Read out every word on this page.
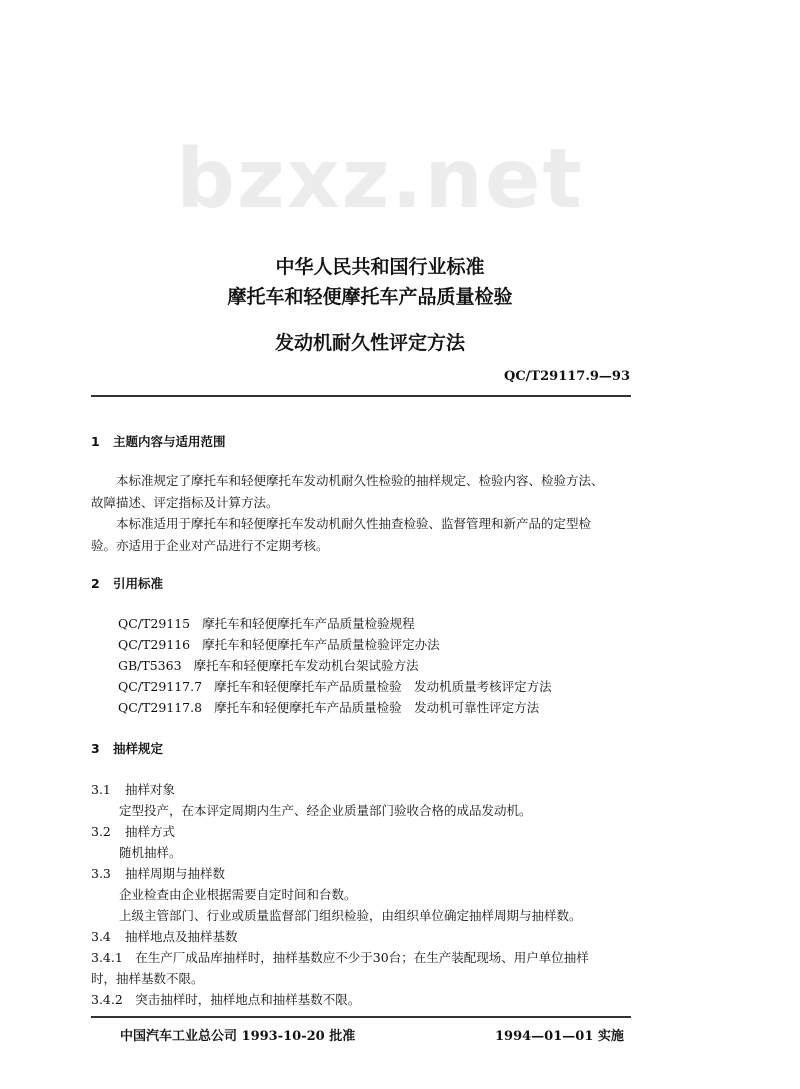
bzxz.net
中华人民共和国行业标准
摩托车和轻便摩托车产品质量检验
发动机耐久性评定方法
QC/T29117.9—93
1 主题内容与适用范围
本标准规定了摩托车和轻便摩托车发动机耐久性检验的抽样规定、检验内容、检验方法、
故障描述、评定指标及计算方法。
本标准适用于摩托车和轻便摩托车发动机耐久性抽查检验、监督管理和新产品的定型检
验。亦适用于企业对产品进行不定期考核。
2 引用标准
QC/T29115 摩托车和轻便摩托车产品质量检验规程
QC/T29116 摩托车和轻便摩托车产品质量检验评定办法
GB/T5363 摩托车和轻便摩托车发动机台架试验方法
QC/T29117.7 摩托车和轻便摩托车产品质量检验　发动机质量考核评定方法
QC/T29117.8 摩托车和轻便摩托车产品质量检验　发动机可靠性评定方法
3 抽样规定
3.1 抽样对象
定型投产，在本评定周期内生产、经企业质量部门验收合格的成品发动机。
3.2 抽样方式
随机抽样。
3.3 抽样周期与抽样数
企业检查由企业根据需要自定时间和台数。
上级主管部门、行业或质量监督部门组织检验，由组织单位确定抽样周期与抽样数。
3.4 抽样地点及抽样基数
3.4.1　在生产厂成品库抽样时，抽样基数应不少于30台；在生产装配现场、用户单位抽样
时，抽样基数不限。
3.4.2　突击抽样时，抽样地点和抽样基数不限。
中国汽车工业总公司 1993-10-20 批准	1994—01—01 实施
